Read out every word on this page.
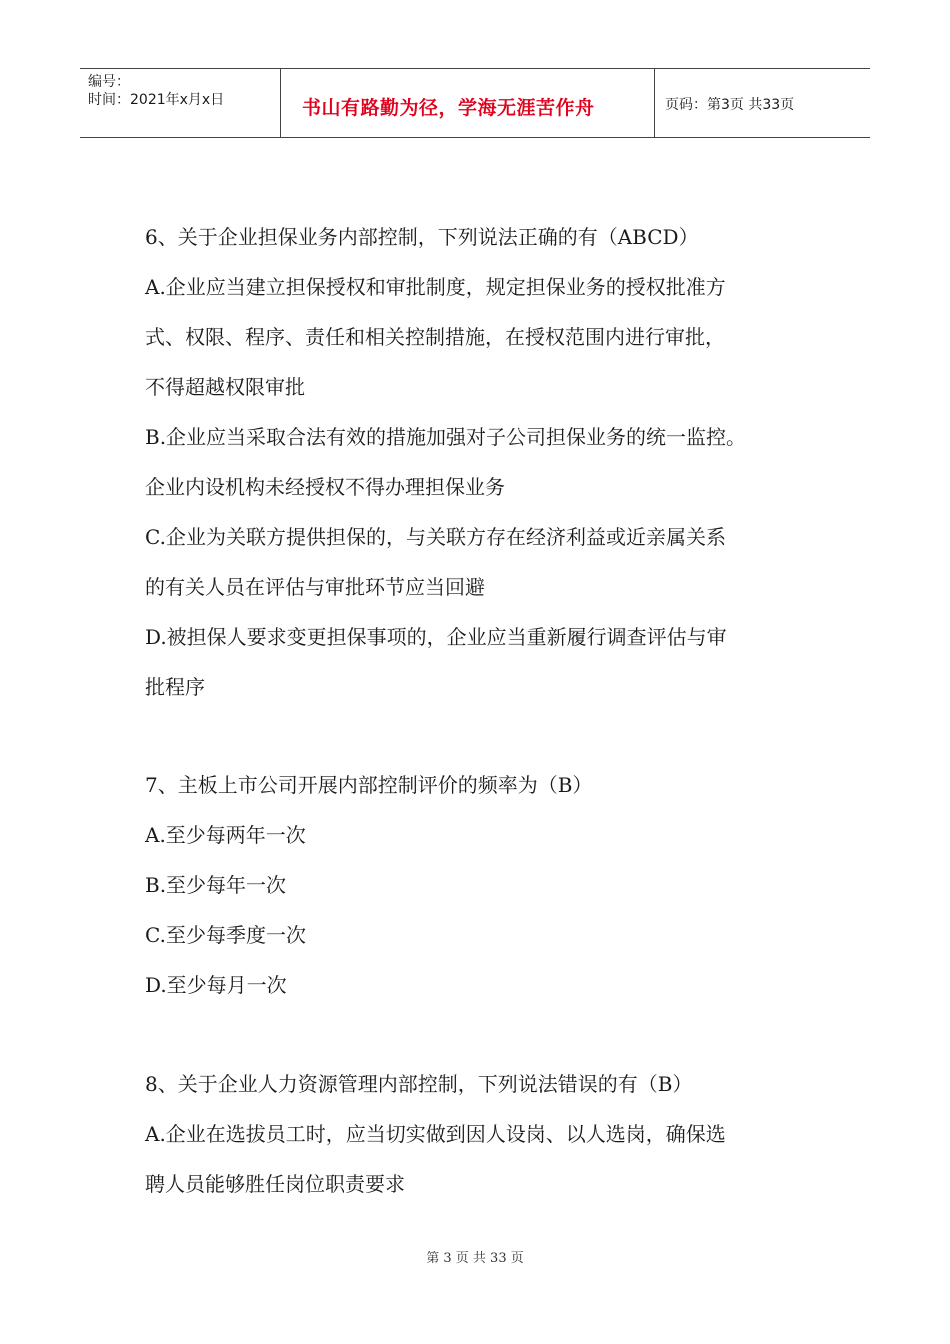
编号：
时间：2021年x月x日	书山有路勤为径，学海无涯苦作舟	页码：第3页 共33页
6、关于企业担保业务内部控制，下列说法正确的有（ABCD）
A.企业应当建立担保授权和审批制度，规定担保业务的授权批准方
式、权限、程序、责任和相关控制措施，在授权范围内进行审批，
不得超越权限审批
B.企业应当采取合法有效的措施加强对子公司担保业务的统一监控。
企业内设机构未经授权不得办理担保业务
C.企业为关联方提供担保的，与关联方存在经济利益或近亲属关系
的有关人员在评估与审批环节应当回避
D.被担保人要求变更担保事项的，企业应当重新履行调查评估与审
批程序
7、主板上市公司开展内部控制评价的频率为（B）
A.至少每两年一次
B.至少每年一次
C.至少每季度一次
D.至少每月一次
8、关于企业人力资源管理内部控制，下列说法错误的有（B）
A.企业在选拔员工时，应当切实做到因人设岗、以人选岗，确保选
聘人员能够胜任岗位职责要求
第 3 页 共 33 页
